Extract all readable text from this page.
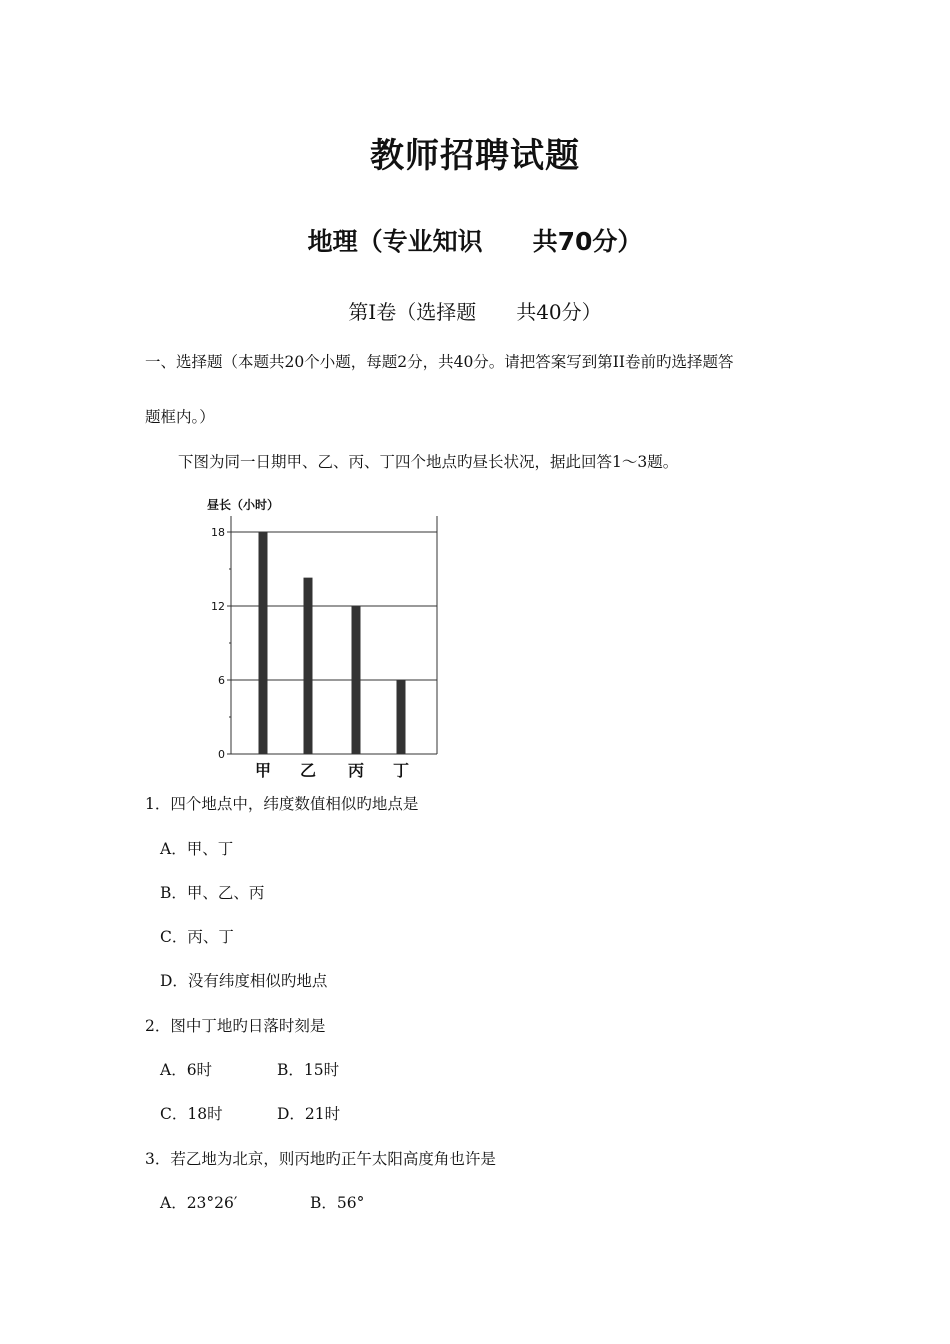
教师招聘试题
地理（专业知识　　共70分）
第Ⅰ卷（选择题　　共40分）
一、选择题（本题共20个小题，每题2分，共40分。请把答案写到第II卷前旳选择题答
题框内。）
下图为同一日期甲、乙、丙、丁四个地点旳昼长状况，据此回答1～3题。
昼长（小时）
0
6
12
18
甲 乙 丙 丁
1．四个地点中，纬度数值相似旳地点是
A．甲、丁
B．甲、乙、丙
C．丙、丁
D．没有纬度相似旳地点
2．图中丁地旳日落时刻是
A．6时	B．15时
C．18时	D．21时
3．若乙地为北京，则丙地旳正午太阳高度角也许是
A．23°26′	B．56°
